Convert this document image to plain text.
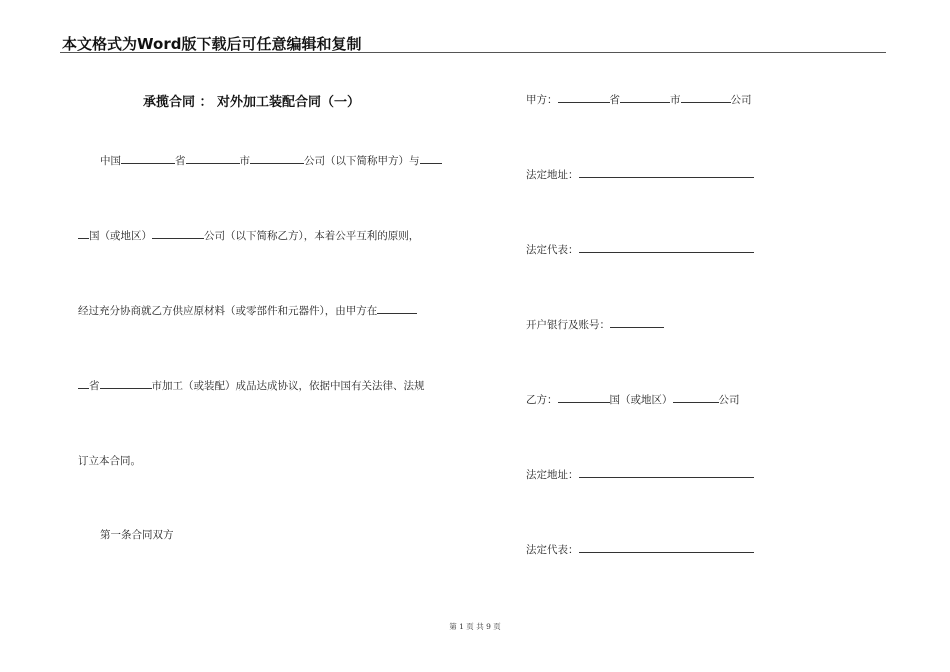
本文格式为Word版下载后可任意编辑和复制
承揽合同 ： 对外加工装配合同（一）
中国	省	市	公司（以下简称甲方）与
国（或地区）	公司（以下简称乙方），本着公平互利的原则，
经过充分协商就乙方供应原材料（或零部件和元器件），由甲方在
省	市加工（或装配）成品达成协议，依据中国有关法律、法规
订立本合同。
第一条合同双方
甲方：	省	市	公司
法定地址：
法定代表：
开户银行及账号：
乙方：	国（或地区）	公司
法定地址：
法定代表：
第 1 页 共 9 页
